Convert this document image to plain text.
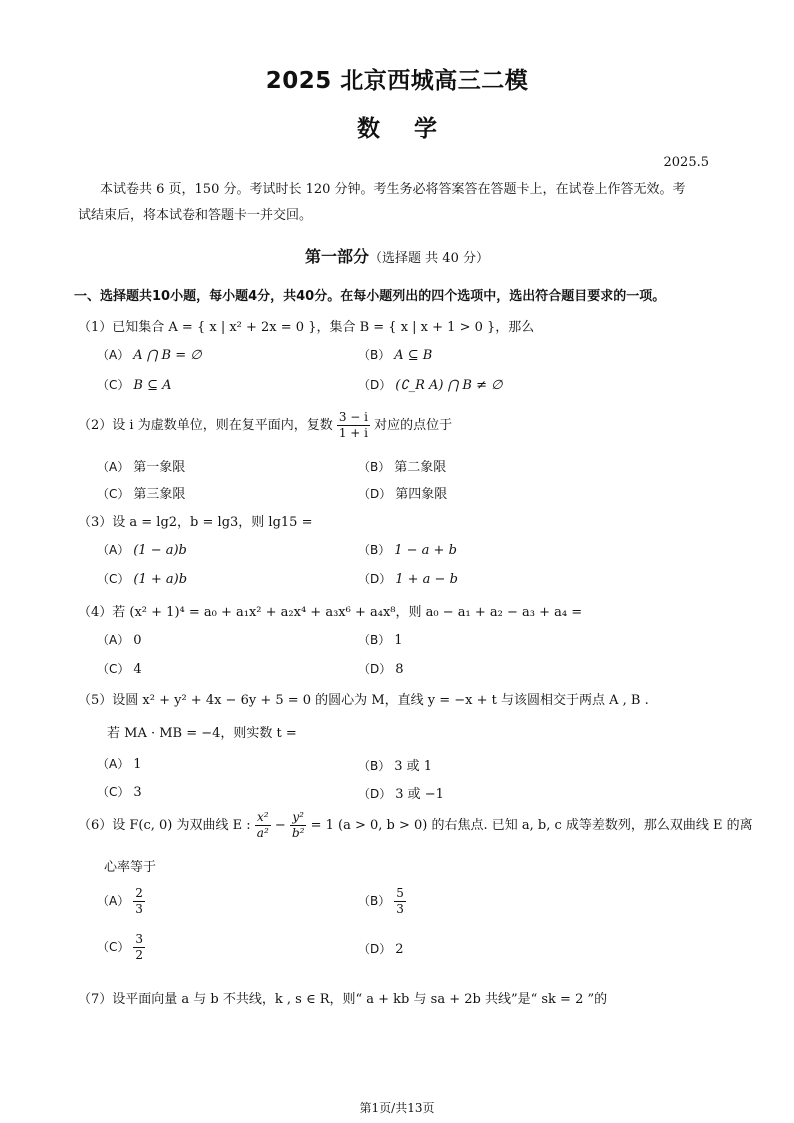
2025 北京西城高三二模
数学
2025.5
本试卷共 6 页，150 分。考试时长 120 分钟。考生务必将答案答在答题卡上，在试卷上作答无效。考
试结束后，将本试卷和答题卡一并交回。
第一部分（选择题 共 40 分）
一、选择题共10小题，每小题4分，共40分。在每小题列出的四个选项中，选出符合题目要求的一项。
（1）已知集合 A = { x | x² + 2x = 0 }，集合 B = { x | x + 1 > 0 }，那么
（A） A ⋂ B = ∅	（B） A ⊆ B
（C） B ⊆ A	（D） (∁_R A) ⋂ B ≠ ∅
（2）设 i 为虚数单位，则在复平面内，复数 $\frac{3 - i}{1 + i}$ 对应的点位于
（A） 第一象限	（B） 第二象限
（C） 第三象限	（D） 第四象限
（3）设 a = lg2，b = lg3，则 lg15 =
（A） (1 − a)b	（B） 1 − a + b
（C） (1 + a)b	（D） 1 + a − b
（4）若 (x² + 1)⁴ = a₀ + a₁x² + a₂x⁴ + a₃x⁶ + a₄x⁸，则 a₀ − a₁ + a₂ − a₃ + a₄ =
（A） 0	（B） 1
（C） 4	（D） 8
（5）设圆 x² + y² + 4x − 6y + 5 = 0 的圆心为 M，直线 y = −x + t 与该圆相交于两点 A , B .
若 MA · MB = −4，则实数 t =
（A） 1	（B） 3 或 1
（C） 3	（D） 3 或 −1
（6）设 F(c, 0) 为双曲线 E : $\frac{\text{x²}}{\text{a²}} - \frac{\text{y²}}{\text{b²}} = 1$ (a > 0, b > 0) 的右焦点. 已知 a, b, c 成等差数列，那么双曲线 E 的离
心率等于
$(A) \frac{2}{3}$	$(B) \frac{5}{3}$
$(C) \frac{3}{2}$	（D） 2
（7）设平面向量 a 与 b 不共线，k , s ∈ R，则“ a + kb 与 sa + 2b 共线”是“ sk = 2 ”的
第1页/共13页
